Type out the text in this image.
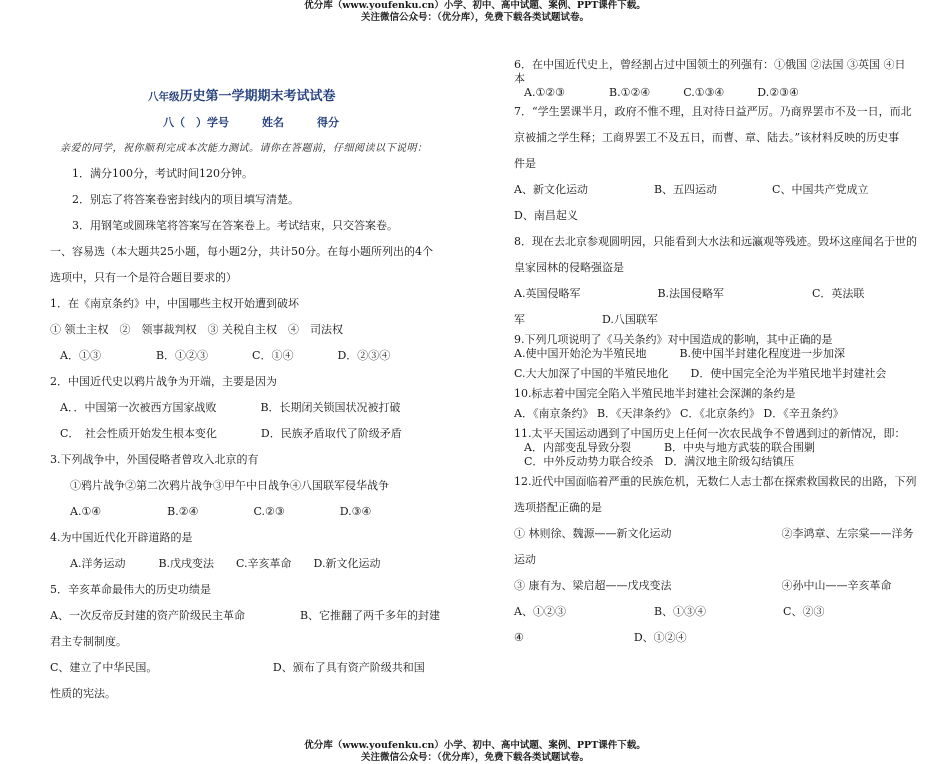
优分库（www.youfenku.cn）小学、初中、高中试题、案例、PPT课件下载。
关注微信公众号：（优分库），免费下载各类试题试卷。
八年级历史第一学期期末考试试卷
八（　）学号　　　姓名　　　得分
亲爱的同学，祝你顺利完成本次能力测试。请你在答题前，仔细阅读以下说明：
1．满分100分，考试时间120分钟。
2．别忘了将答案卷密封线内的项目填写清楚。
3．用钢笔或圆珠笔将答案写在答案卷上。考试结束，只交答案卷。
一、容易选（本大题共25小题，每小题2分，共计50分。在每小题所列出的4个
选项中，只有一个是符合题目要求的）
1．在《南京条约》中，中国哪些主权开始遭到破坏
① 领土主权　②　领事裁判权　③ 关税自主权　④　司法权
A．①③　　　　　B．①②③　　　　C．①④　　　　D．②③④
2．中国近代史以鸦片战争为开端，主要是因为
A．．中国第一次被西方国家战败　　　　B．长期闭关锁国状况被打破
C．　社会性质开始发生根本变化　　　　D．民族矛盾取代了阶级矛盾
3.下列战争中，外国侵略者曾攻入北京的有
①鸦片战争②第二次鸦片战争③甲午中日战争④八国联军侵华战争
A.①④　　　　　　B.②④　　　　　C.②③　　　　　D.③④
4.为中国近代化开辟道路的是
A.洋务运动　　　B.戊戌变法　　C.辛亥革命　　D.新文化运动
5．辛亥革命最伟大的历史功绩是
A、一次反帝反封建的资产阶级民主革命　　　　　B、它推翻了两千多年的封建
君主专制制度。
C、建立了中华民国。　　　　　　　　　　　D、颁布了具有资产阶级共和国
性质的宪法。
6．在中国近代史上，曾经割占过中国领土的列强有：①俄国 ②法国 ③英国 ④日
本
A.①②③　　　　B.①②④　　　C.①③④　　　D.②③④
7．“学生罢课半月，政府不惟不理，且对待日益严厉。乃商界罢市不及一日，而北
京被捕之学生释；工商界罢工不及五日，而曹、章、陆去。”该材料反映的历史事
件是
A、新文化运动　　　　　　B、五四运动　　　　　C、中国共产党成立
D、南昌起义
8．现在去北京参观圆明园，只能看到大水法和远瀛观等残迹。毁坏这座闻名于世的
皇家园林的侵略强盗是
A.英国侵略军　　　　　　　B.法国侵略军　　　　　　　　C．英法联
军　　　　　　　D.八国联军
9.下列几项说明了《马关条约》对中国造成的影响，其中正确的是
A.使中国开始沦为半殖民地　　　B.使中国半封建化程度进一步加深
C.大大加深了中国的半殖民地化　　D．使中国完全沦为半殖民地半封建社会
10.标志着中国完全陷入半殖民地半封建社会深渊的条约是
A．《南京条约》 B．《天津条约》 C．《北京条约》 D．《辛丑条约》
11.太平天国运动遇到了中国历史上任何一次农民战争不曾遇到过的新情况，即：
A．内部变乱导致分裂　　　B．中央与地方武装的联合围剿
C．中外反动势力联合绞杀　D．满汉地主阶级勾结镇压
12.近代中国面临着严重的民族危机，无数仁人志士都在探索救国救民的出路，下列
选项搭配正确的是
① 林则徐、魏源——新文化运动　　　　　　　　　　②李鸿章、左宗棠——洋务
运动
③ 康有为、梁启超——戊戌变法　　　　　　　　　　④孙中山——辛亥革命
A、①②③　　　　　　　　B、①③④　　　　　　　C、②③
④　　　　　　　　　　D、①②④
优分库（www.youfenku.cn）小学、初中、高中试题、案例、PPT课件下载。
关注微信公众号：（优分库），免费下载各类试题试卷。
